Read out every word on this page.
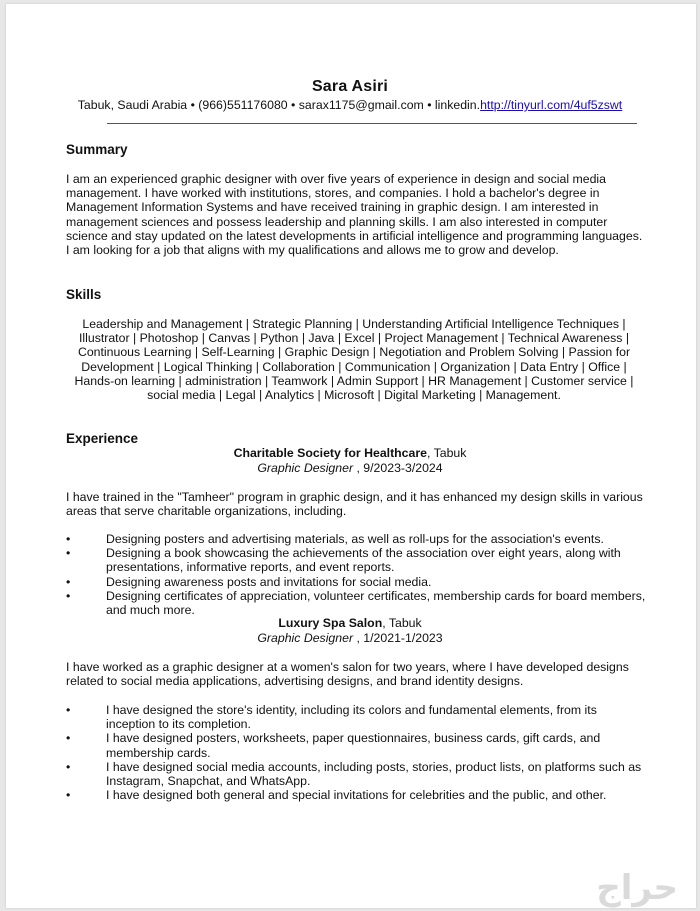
Sara Asiri
Tabuk, Saudi Arabia • (966)551176080 • sarax1175@gmail.com • linkedin.http://tinyurl.com/4uf5zswt
Summary
I am an experienced graphic designer with over five years of experience in design and social media management. I have worked with institutions, stores, and companies. I hold a bachelor's degree in Management Information Systems and have received training in graphic design. I am interested in management sciences and possess leadership and planning skills. I am also interested in computer science and stay updated on the latest developments in artificial intelligence and programming languages. I am looking for a job that aligns with my qualifications and allows me to grow and develop.
Skills
Leadership and Management | Strategic Planning | Understanding Artificial Intelligence Techniques | Illustrator | Photoshop | Canvas | Python | Java | Excel | Project Management | Technical Awareness | Continuous Learning | Self-Learning | Graphic Design | Negotiation and Problem Solving | Passion for Development | Logical Thinking | Collaboration | Communication | Organization | Data Entry | Office | Hands-on learning | administration | Teamwork | Admin Support | HR Management | Customer service | social media | Legal | Analytics | Microsoft | Digital Marketing | Management.
Experience
Charitable Society for Healthcare, Tabuk
Graphic Designer , 9/2023-3/2024
I have trained in the "Tamheer" program in graphic design, and it has enhanced my design skills in various areas that serve charitable organizations, including.
•	Designing posters and advertising materials, as well as roll-ups for the association's events.
•	Designing a book showcasing the achievements of the association over eight years, along with presentations, informative reports, and event reports.
•	Designing awareness posts and invitations for social media.
•	Designing certificates of appreciation, volunteer certificates, membership cards for board members, and much more.
Luxury Spa Salon, Tabuk
Graphic Designer , 1/2021-1/2023
I have worked as a graphic designer at a women's salon for two years, where I have developed designs related to social media applications, advertising designs, and brand identity designs.
•	I have designed the store's identity, including its colors and fundamental elements, from its inception to its completion.
•	I have designed posters, worksheets, paper questionnaires, business cards, gift cards, and membership cards.
•	I have designed social media accounts, including posts, stories, product lists, on platforms such as Instagram, Snapchat, and WhatsApp.
•	I have designed both general and special invitations for celebrities and the public, and other.
حراج
